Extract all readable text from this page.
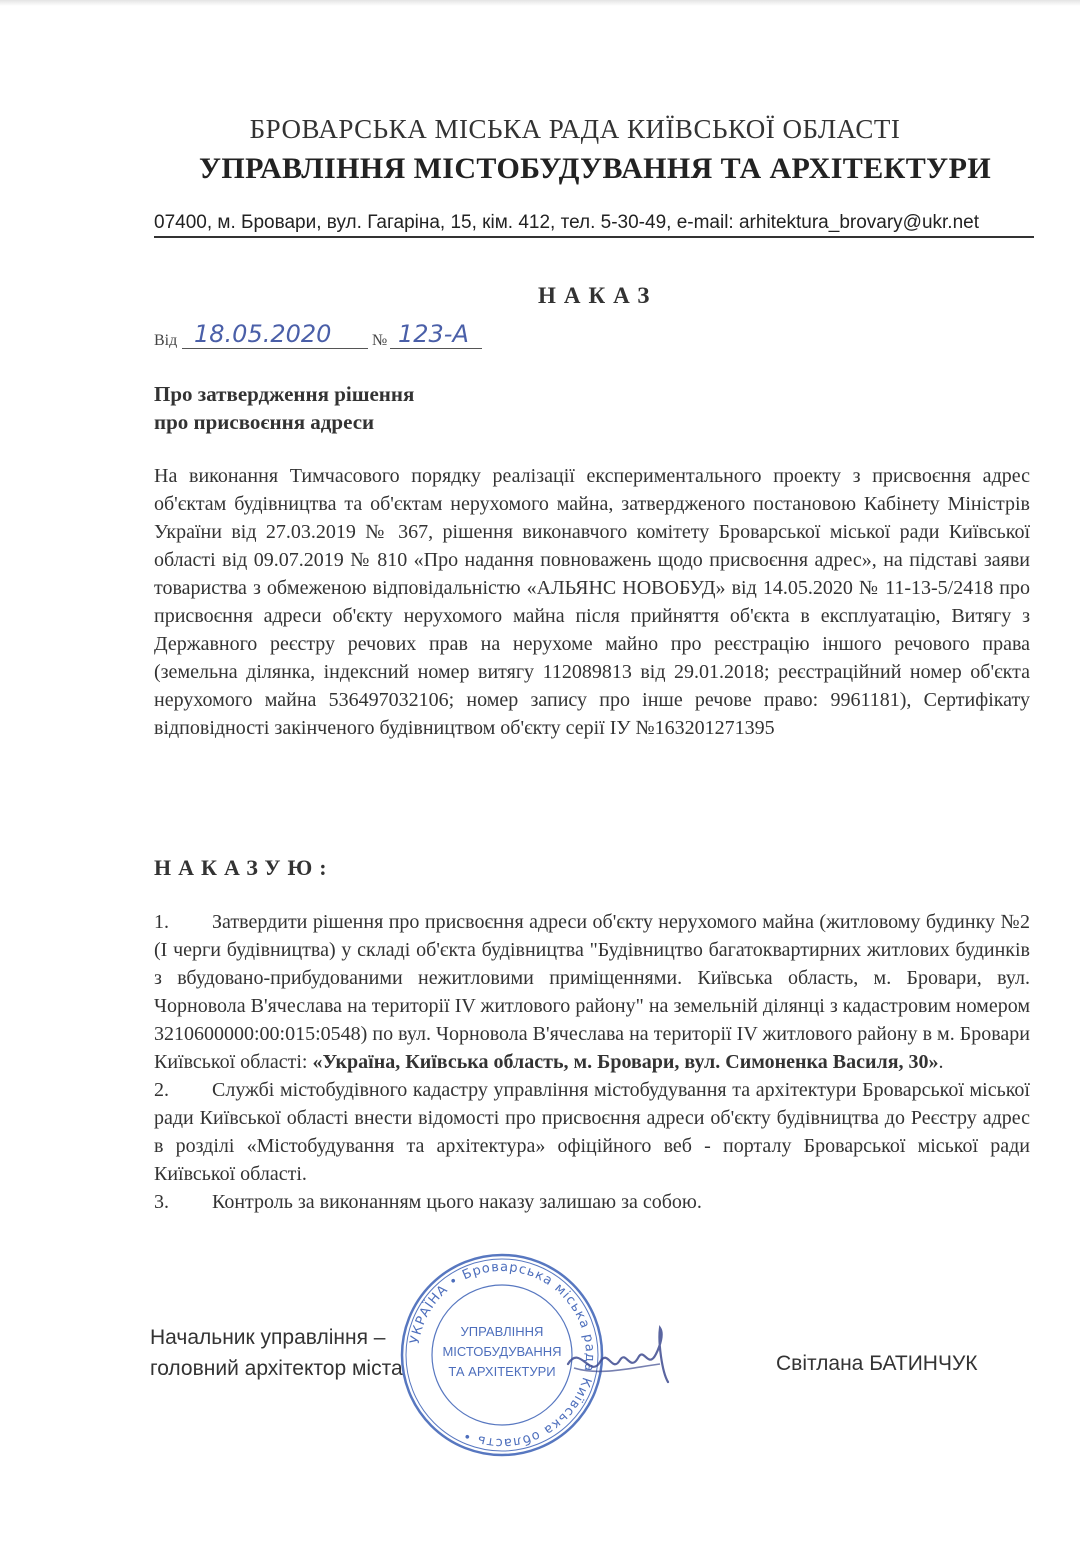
БРОВАРСЬКА МІСЬКА РАДА КИЇВСЬКОЇ ОБЛАСТІ
УПРАВЛІННЯ МІСТОБУДУВАННЯ ТА АРХІТЕКТУРИ
07400, м. Бровари, вул. Гагаріна, 15, кім. 412, тел. 5-30-49, e-mail: arhitektura_brovary@ukr.net
НАКАЗ
Від 18.05.2020	№ 123-А
Про затвердження рішення
про присвоєння адреси
На виконання Тимчасового порядку реалізації експериментального проекту з присвоєння адрес об'єктам будівництва та об'єктам нерухомого майна, затвердженого постановою Кабінету Міністрів України від 27.03.2019 № 367, рішення виконавчого комітету Броварської міської ради Київської області від 09.07.2019 № 810 «Про надання повноважень щодо присвоєння адрес», на підставі заяви товариства з обмеженою відповідальністю «АЛЬЯНС НОВОБУД» від 14.05.2020 № 11-13-5/2418 про присвоєння адреси об'єкту нерухомого майна після прийняття об'єкта в експлуатацію, Витягу з Державного реєстру речових прав на нерухоме майно про реєстрацію іншого речового права (земельна ділянка, індексний номер витягу 112089813 від 29.01.2018; реєстраційний номер об'єкта нерухомого майна 536497032106; номер запису про інше речове право: 9961181), Сертифікату відповідності закінченого будівництвом об'єкту серії ІУ №163201271395
НАКАЗУЮ:
1.	Затвердити рішення про присвоєння адреси об'єкту нерухомого майна (житловому будинку №2 (І черги будівництва) у складі об'єкта будівництва "Будівництво багатоквартирних житлових будинків з вбудовано-прибудованими нежитловими приміщеннями. Київська область, м. Бровари, вул. Чорновола В'ячеслава на території IV житлового району" на земельній ділянці з кадастровим номером 3210600000:00:015:0548) по вул. Чорновола В'ячеслава на території IV житлового району в м. Бровари Київської області: «Україна, Київська область, м. Бровари, вул. Симоненка Василя, 30».
2.	Службі містобудівного кадастру управління містобудування та архітектури Броварської міської ради Київської області внести відомості про присвоєння адреси об'єкту будівництва до Реєстру адрес в розділі «Містобудування та архітектура» офіційного веб - порталу Броварської міської ради Київської області.
3.	Контроль за виконанням цього наказу залишаю за собою.
Начальник управління –
головний архітектор міста
УКРАЇНА • Броварська міська рада Київська область •
УПРАВЛІННЯ
МІСТОБУДУВАННЯ
ТА АРХІТЕКТУРИ	Світлана БАТИНЧУК
